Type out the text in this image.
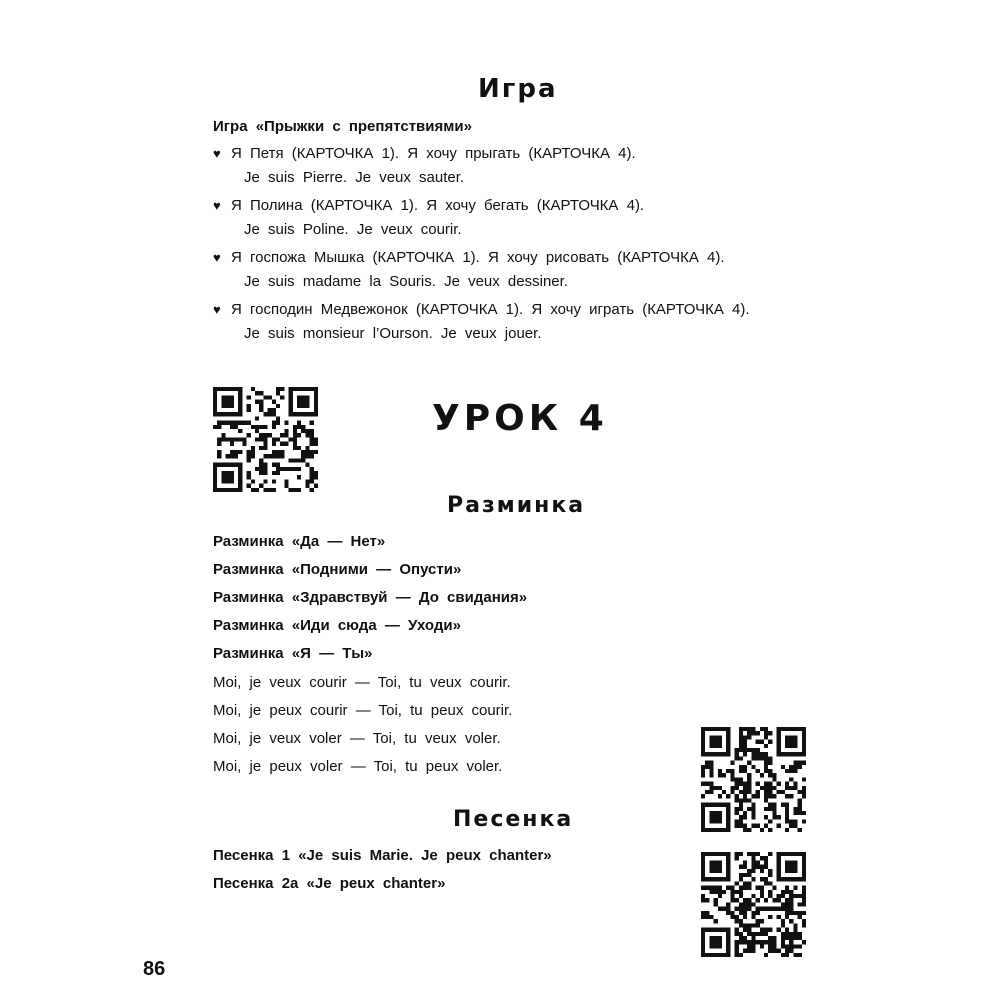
Игра
Игра «Прыжки с препятствиями»
♥ Я Петя (КАРТОЧКА 1). Я хочу прыгать (КАРТОЧКА 4).
Je suis Pierre. Je veux sauter.
♥ Я Полина (КАРТОЧКА 1). Я хочу бегать (КАРТОЧКА 4).
Je suis Poline. Je veux courir.
♥ Я госпожа Мышка (КАРТОЧКА 1). Я хочу рисовать (КАРТОЧКА 4).
Je suis madame la Souris. Je veux dessiner.
♥ Я господин Медвежонок (КАРТОЧКА 1). Я хочу играть (КАРТОЧКА 4).
Je suis monsieur l’Ourson. Je veux jouer.
УРОК 4
Разминка
Разминка «Да — Нет»
Разминка «Подними — Опусти»
Разминка «Здравствуй — До свидания»
Разминка «Иди сюда — Уходи»
Разминка «Я — Ты»
Moi, je veux courir — Toi, tu veux courir.
Moi, je peux courir — Toi, tu peux courir.
Moi, je veux voler — Toi, tu veux voler.
Moi, je peux voler — Toi, tu peux voler.
Песенка
Песенка 1 «Je suis Marie. Je peux chanter»
Песенка 2а «Je peux chanter»
86
